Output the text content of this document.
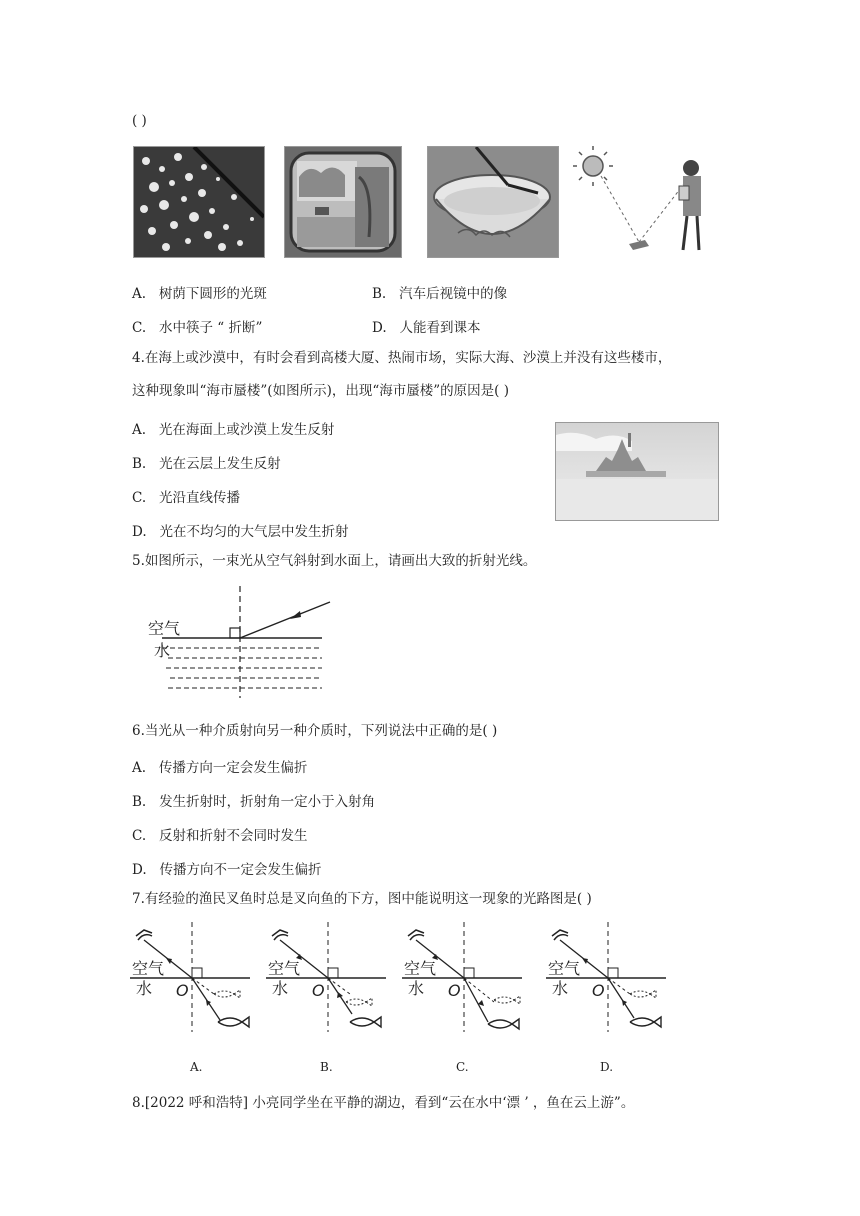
( )
A. 树荫下圆形的光斑	B. 汽车后视镜中的像
C. 水中筷子 “ 折断”	D. 人能看到课本
4.在海上或沙漠中，有时会看到高楼大厦、热闹市场，实际大海、沙漠上并没有这些楼市，
这种现象叫“海市蜃楼”(如图所示)，出现“海市蜃楼”的原因是( )
A. 光在海面上或沙漠上发生反射
B. 光在云层上发生反射
C. 光沿直线传播
D. 光在不均匀的大气层中发生折射
5.如图所示，一束光从空气斜射到水面上，请画出大致的折射光线。
空气
水
6.当光从一种介质射向另一种介质时，下列说法中正确的是( )
A. 传播方向一定会发生偏折
B. 发生折射时，折射角一定小于入射角
C. 反射和折射不会同时发生
D. 传播方向不一定会发生偏折
7.有经验的渔民叉鱼时总是叉向鱼的下方，图中能说明这一现象的光路图是( )
空气
水 O
空气
水 O
空气
水 O
空气
水 O
A.	B.	C.	D.
8.[2022 呼和浩特] 小亮同学坐在平静的湖边，看到“云在水中‘漂 ’ ，鱼在云上游”。
